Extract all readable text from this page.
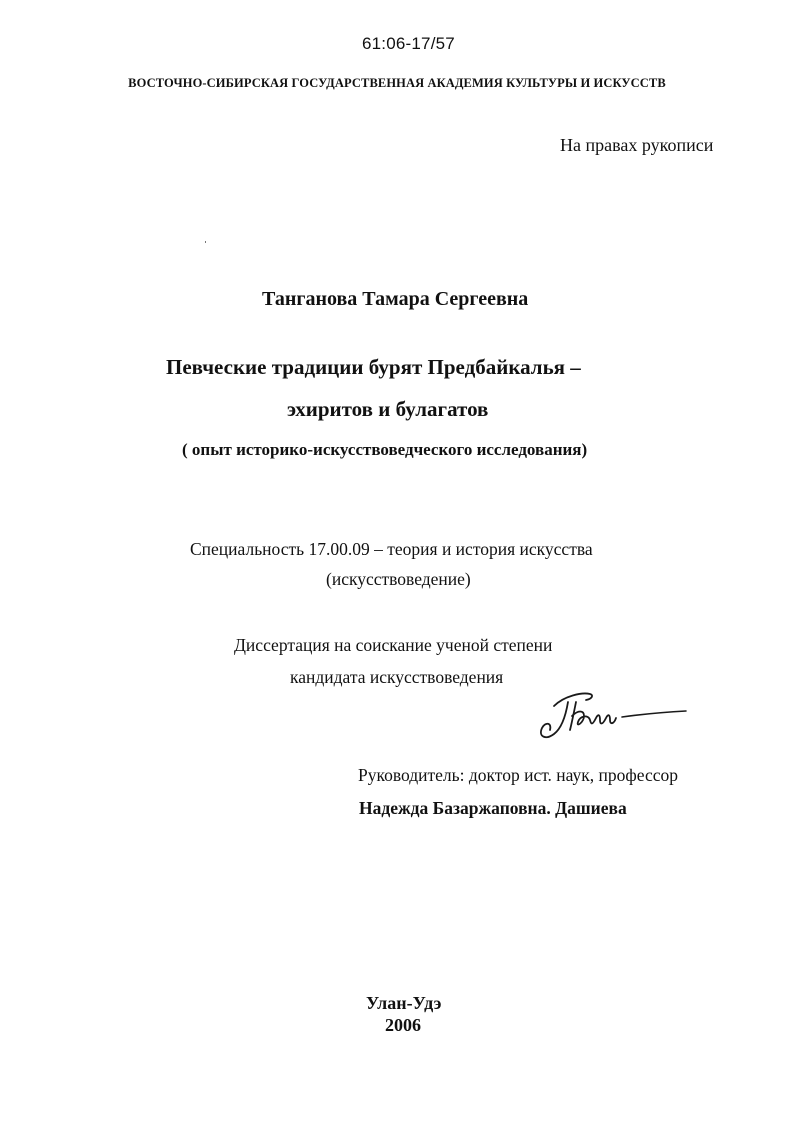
61:06-17/57
ВОСТОЧНО-СИБИРСКАЯ ГОСУДАРСТВЕННАЯ АКАДЕМИЯ КУЛЬТУРЫ И ИСКУССТВ
На правах рукописи
Танганова Тамара Сергеевна
Певческие традиции бурят Предбайкалья –
эхиритов и булагатов
( опыт историко-искусствоведческого исследования)
Специальность 17.00.09 – теория и история искусства
(искусствоведение)
Диссертация на соискание ученой степени
кандидата искусствоведения
Руководитель: доктор ист. наук, профессор
Надежда Базаржаповна. Дашиева
Улан-Удэ
2006
